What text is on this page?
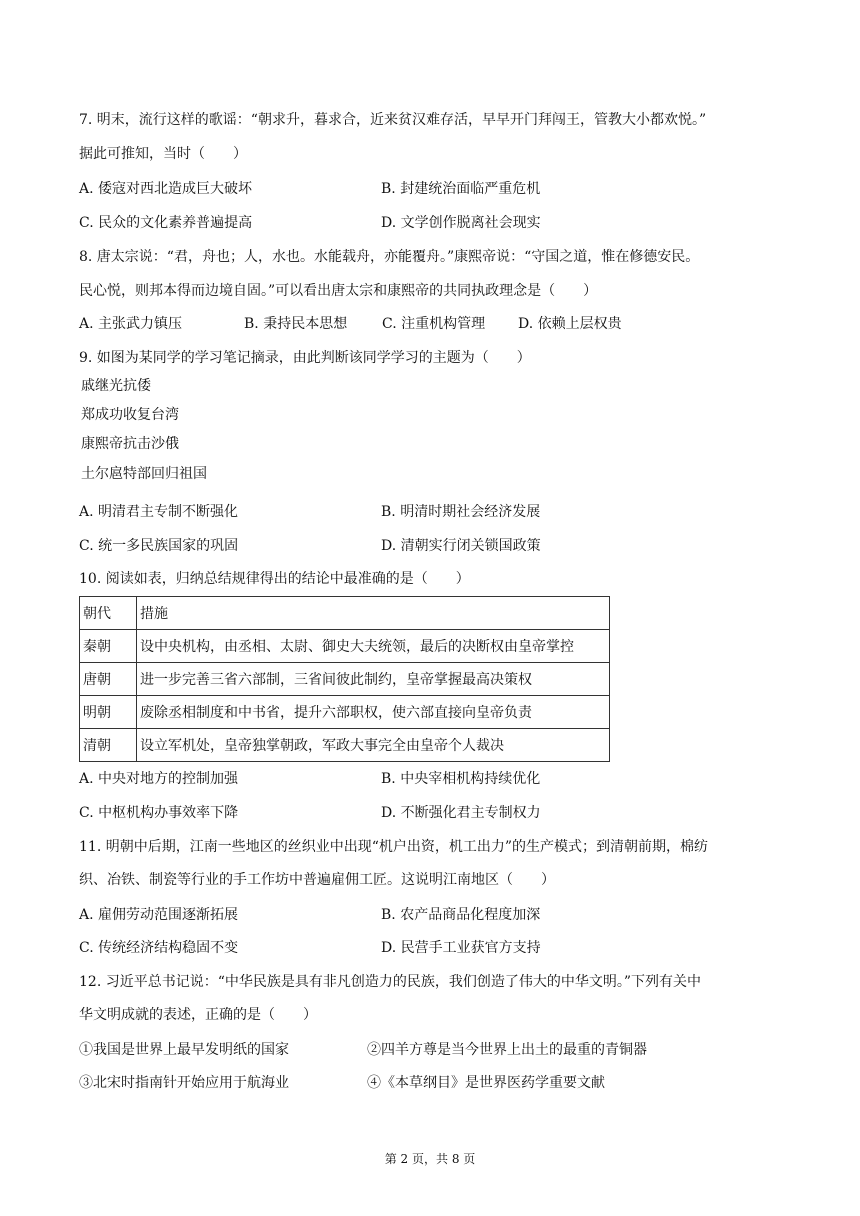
7. 明末，流行这样的歌谣：“朝求升，暮求合，近来贫汉难存活，早早开门拜闯王，管教大小都欢悦。”
据此可推知，当时（　　）
A. 倭寇对西北造成巨大破坏	B. 封建统治面临严重危机
C. 民众的文化素养普遍提高	D. 文学创作脱离社会现实
8. 唐太宗说：“君，舟也；人，水也。水能载舟，亦能覆舟。”康熙帝说：“守国之道，惟在修德安民。
民心悦，则邦本得而边境自固。”可以看出唐太宗和康熙帝的共同执政理念是（　　）
A. 主张武力镇压	B. 秉持民本思想 C. 注重机构管理 D. 依赖上层权贵
9. 如图为某同学的学习笔记摘录，由此判断该同学学习的主题为（　　）
戚继光抗倭
郑成功收复台湾
康熙帝抗击沙俄
土尔扈特部回归祖国
A. 明清君主专制不断强化	B. 明清时期社会经济发展
C. 统一多民族国家的巩固	D. 清朝实行闭关锁国政策
10. 阅读如表，归纳总结规律得出的结论中最准确的是（　　）
朝代	措施
秦朝	设中央机构，由丞相、太尉、御史大夫统领，最后的决断权由皇帝掌控
唐朝	进一步完善三省六部制，三省间彼此制约，皇帝掌握最高决策权
明朝	废除丞相制度和中书省，提升六部职权，使六部直接向皇帝负责
清朝	设立军机处，皇帝独掌朝政，军政大事完全由皇帝个人裁决
A. 中央对地方的控制加强	B. 中央宰相机构持续优化
C. 中枢机构办事效率下降	D. 不断强化君主专制权力
11. 明朝中后期，江南一些地区的丝织业中出现“机户出资，机工出力”的生产模式；到清朝前期，棉纺
织、冶铁、制瓷等行业的手工作坊中普遍雇佣工匠。这说明江南地区（　　）
A. 雇佣劳动范围逐渐拓展	B. 农产品商品化程度加深
C. 传统经济结构稳固不变	D. 民营手工业获官方支持
12. 习近平总书记说：“中华民族是具有非凡创造力的民族，我们创造了伟大的中华文明。”下列有关中
华文明成就的表述，正确的是（　　）
①我国是世界上最早发明纸的国家	②四羊方尊是当今世界上出土的最重的青铜器
③北宋时指南针开始应用于航海业	④《本草纲目》是世界医药学重要文献
第 2 页，共 8 页
